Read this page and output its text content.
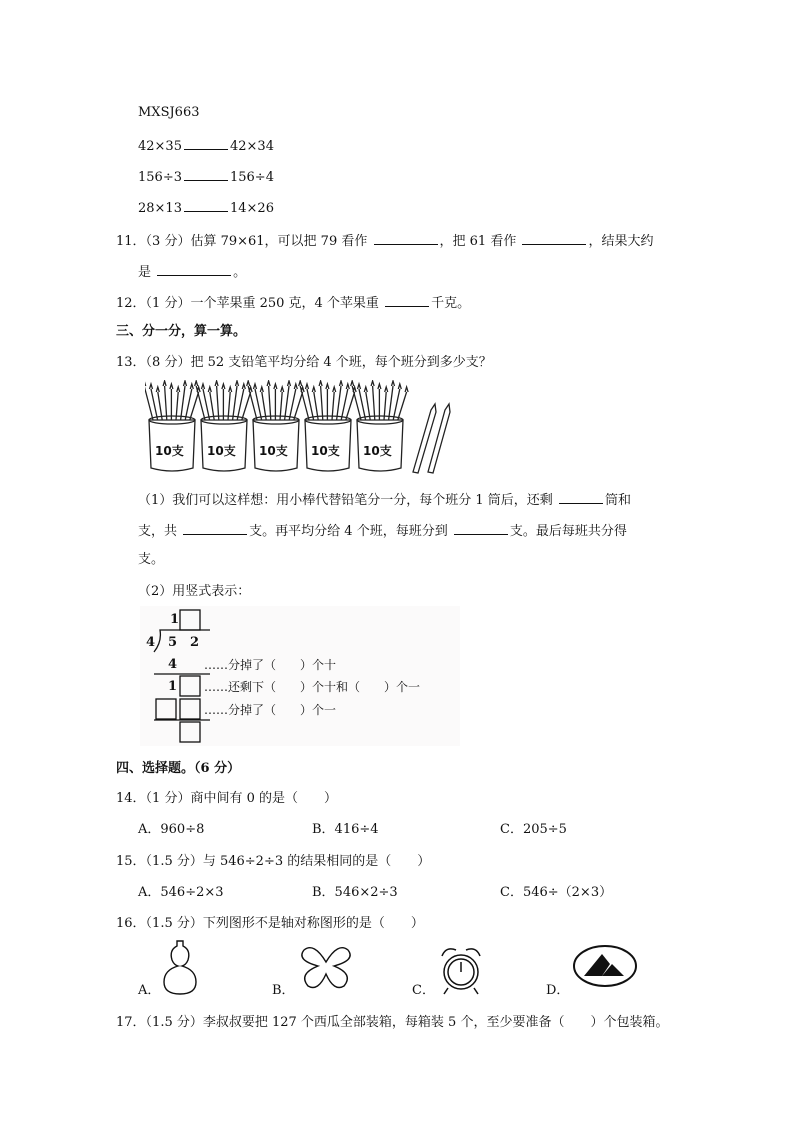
MXSJ663
42×35	42×34
156÷3	156÷4
28×13	14×26
11．（3 分）估算 79×61，可以把 79 看作	，把 61 看作	，结果大约
是	。
12．（1 分）一个苹果重 250 克，4 个苹果重	千克。
三、分一分，算一算。
13．（8 分）把 52 支铅笔平均分给 4 个班，每个班分到多少支？
10支 10支 10支 10支 10支
（1）我们可以这样想：用小棒代替铅笔分一分，每个班分 1 筒后，还剩	筒和
支，共	支。再平均分给 4 个班，每班分到	支。最后每班共分得
支。
（2）用竖式表示：
1
4 5 2
4
1
……分掉了（　　）个十
……还剩下（　　）个十和（　　）个一
……分掉了（　　）个一
四、选择题。（6 分）
14．（1 分）商中间有 0 的是（　　）
A．960÷8	B．416÷4	C．205÷5
15．（1.5 分）与 546÷2÷3 的结果相同的是（　　）
A．546÷2×3	B．546×2÷3	C．546÷（2×3）
16．（1.5 分）下列图形不是轴对称图形的是（　　）
A．	B．	C．	D．
17．（1.5 分）李叔叔要把 127 个西瓜全部装箱，每箱装 5 个，至少要准备（　　）个包装箱。
